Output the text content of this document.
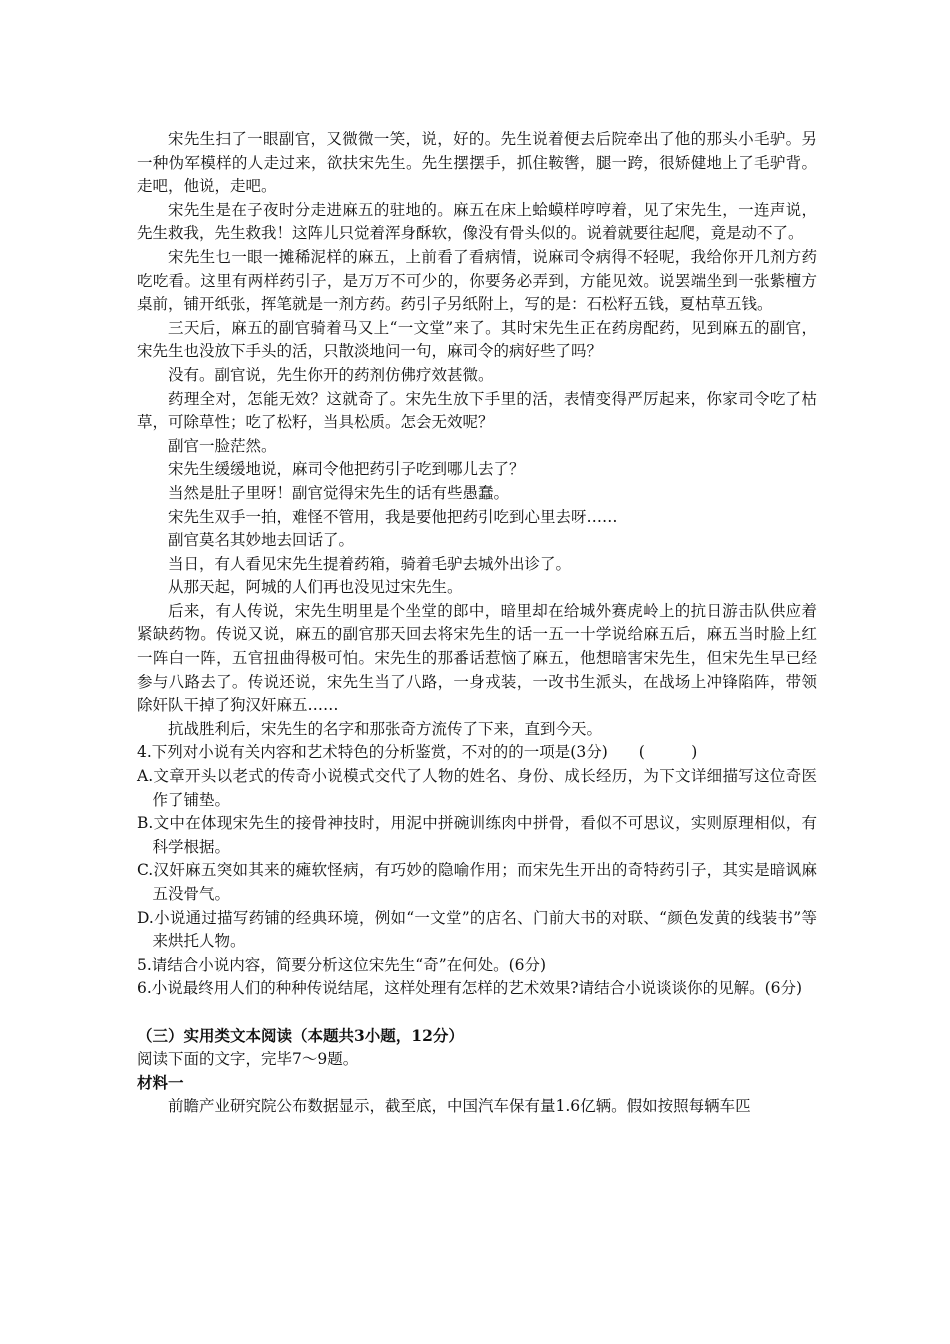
宋先生扫了一眼副官，又微微一笑，说，好的。先生说着便去后院牵出了他的那头小毛驴。另一种伪军模样的人走过来，欲扶宋先生。先生摆摆手，抓住鞍辔，腿一跨，很矫健地上了毛驴背。走吧，他说，走吧。

宋先生是在子夜时分走进麻五的驻地的。麻五在床上蛤蟆样哼哼着，见了宋先生，一连声说，先生救我，先生救我！这阵儿只觉着浑身酥软，像没有骨头似的。说着就要往起爬，竟是动不了。

宋先生乜一眼一摊稀泥样的麻五，上前看了看病情，说麻司令病得不轻呢，我给你开几剂方药吃吃看。这里有两样药引子，是万万不可少的，你要务必弄到，方能见效。说罢端坐到一张紫檀方桌前，铺开纸张，挥笔就是一剂方药。药引子另纸附上，写的是：石松籽五钱，夏枯草五钱。

三天后，麻五的副官骑着马又上“一文堂”来了。其时宋先生正在药房配药，见到麻五的副官，宋先生也没放下手头的活，只散淡地问一句，麻司令的病好些了吗？

没有。副官说，先生你开的药剂仿佛疗效甚微。

药理全对，怎能无效？这就奇了。宋先生放下手里的活，表情变得严厉起来，你家司令吃了枯草，可除草性；吃了松籽，当具松质。怎会无效呢？

副官一脸茫然。

宋先生缓缓地说，麻司令他把药引子吃到哪儿去了？

当然是肚子里呀！副官觉得宋先生的话有些愚蠢。

宋先生双手一拍，难怪不管用，我是要他把药引吃到心里去呀……

副官莫名其妙地去回话了。

当日，有人看见宋先生提着药箱，骑着毛驴去城外出诊了。

从那天起，阿城的人们再也没见过宋先生。

后来，有人传说，宋先生明里是个坐堂的郎中，暗里却在给城外赛虎岭上的抗日游击队供应着紧缺药物。传说又说，麻五的副官那天回去将宋先生的话一五一十学说给麻五后，麻五当时脸上红一阵白一阵，五官扭曲得极可怕。宋先生的那番话惹恼了麻五，他想暗害宋先生，但宋先生早已经参与八路去了。传说还说，宋先生当了八路，一身戎装，一改书生派头，在战场上冲锋陷阵，带领除奸队干掉了狗汉奸麻五……

抗战胜利后，宋先生的名字和那张奇方流传了下来，直到今天。

4.下列对小说有关内容和艺术特色的分析鉴赏，不对的的一项是(3分)　　(　　　)

A.文章开头以老式的传奇小说模式交代了人物的姓名、身份、成长经历，为下文详细描写这位奇医作了铺垫。

B.文中在体现宋先生的接骨神技时，用泥中拼碗训练肉中拼骨，看似不可思议，实则原理相似，有科学根据。

C.汉奸麻五突如其来的瘫软怪病，有巧妙的隐喻作用；而宋先生开出的奇特药引子，其实是暗讽麻五没骨气。

D.小说通过描写药铺的经典环境，例如“一文堂”的店名、门前大书的对联、“颜色发黄的线装书”等来烘托人物。

5.请结合小说内容，简要分析这位宋先生“奇”在何处。(6分)

6.小说最终用人们的种种传说结尾，这样处理有怎样的艺术效果?请结合小说谈谈你的见解。(6分)

（三）实用类文本阅读（本题共3小题，12分）

阅读下面的文字，完毕7～9题。

材料一

前瞻产业研究院公布数据显示，截至底，中国汽车保有量1.6亿辆。假如按照每辆车匹
